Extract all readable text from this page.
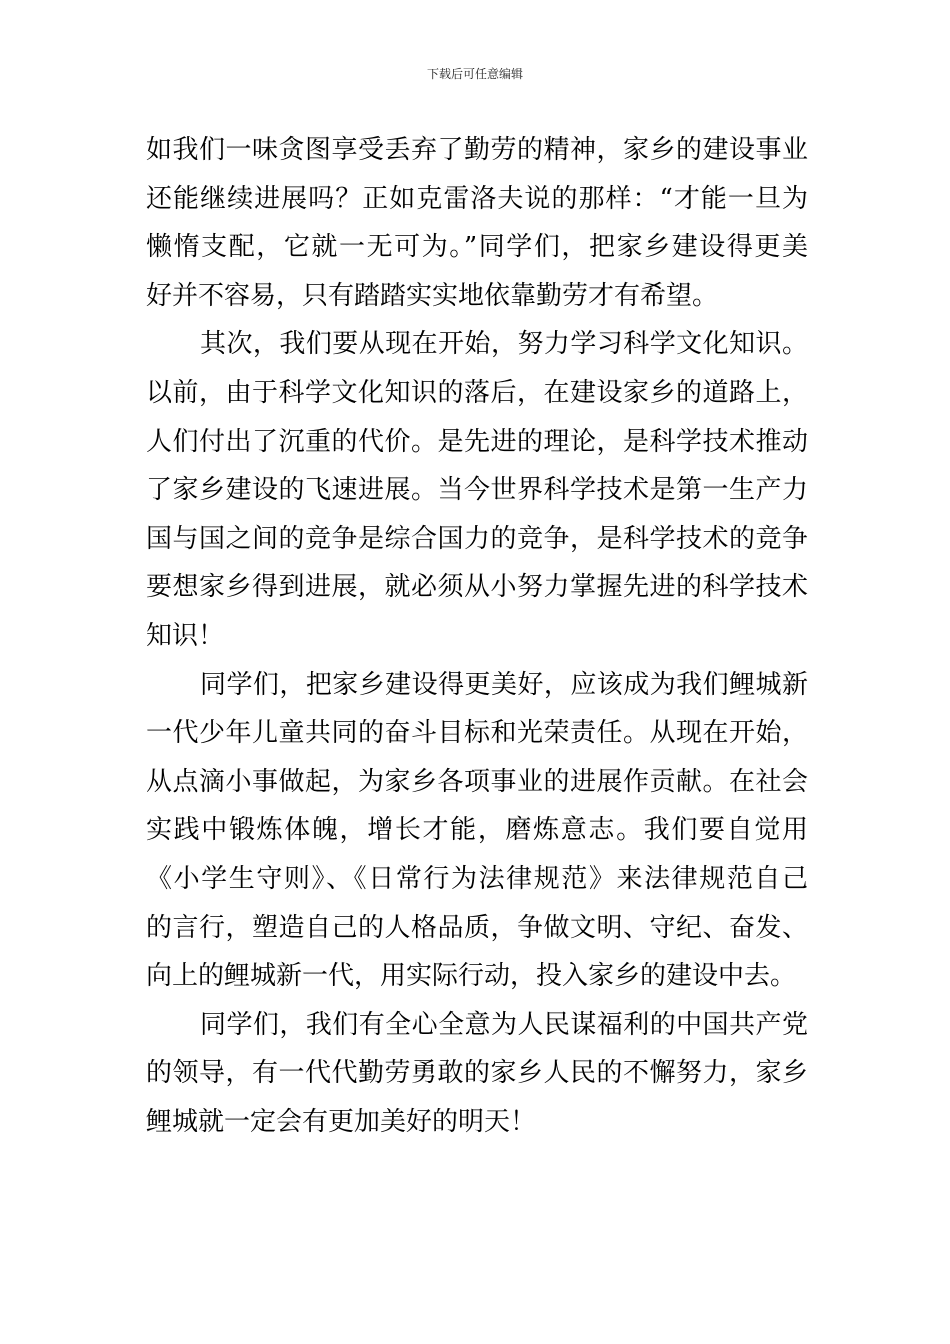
下载后可任意编辑
如我们一味贪图享受丢弃了勤劳的精神，家乡的建设事业
还能继续进展吗？正如克雷洛夫说的那样：“才能一旦为
懒惰支配，它就一无可为。”同学们，把家乡建设得更美
好并不容易，只有踏踏实实地依靠勤劳才有希望。
其次，我们要从现在开始，努力学习科学文化知识。
以前，由于科学文化知识的落后，在建设家乡的道路上，
人们付出了沉重的代价。是先进的理论，是科学技术推动
了家乡建设的飞速进展。当今世界科学技术是第一生产力
国与国之间的竞争是综合国力的竞争，是科学技术的竞争
要想家乡得到进展，就必须从小努力掌握先进的科学技术
知识！
同学们，把家乡建设得更美好，应该成为我们鲤城新
一代少年儿童共同的奋斗目标和光荣责任。从现在开始，
从点滴小事做起，为家乡各项事业的进展作贡献。在社会
实践中锻炼体魄，增长才能，磨炼意志。我们要自觉用
《小学生守则》、《日常行为法律规范》来法律规范自己
的言行，塑造自己的人格品质，争做文明、守纪、奋发、
向上的鲤城新一代，用实际行动，投入家乡的建设中去。
同学们，我们有全心全意为人民谋福利的中国共产党
的领导，有一代代勤劳勇敢的家乡人民的不懈努力，家乡
鲤城就一定会有更加美好的明天！
